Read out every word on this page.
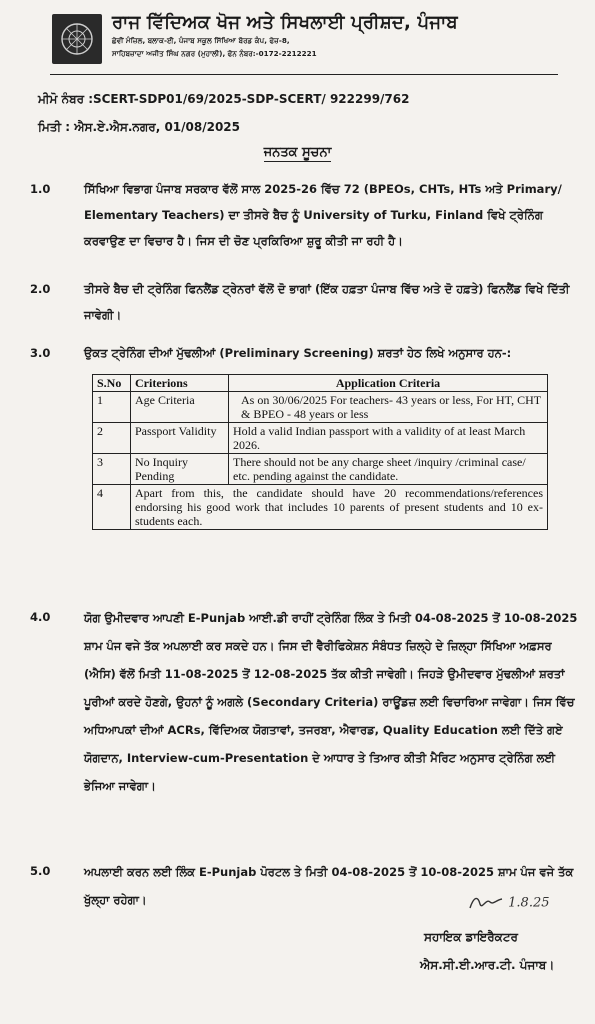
ਰਾਜ ਵਿੱਦਿਅਕ ਖੋਜ ਅਤੇ ਸਿਖਲਾਈ ਪ੍ਰੀਸ਼ਦ, ਪੰਜਾਬ
ਛੇਵੀਂ ਮੰਜ਼ਿਲ, ਬਲਾਕ-ਈ, ਪੰਜਾਬ ਸਕੂਲ ਸਿੱਖਿਆ ਬੋਰਡ ਕੰਪ, ਫੇਜ਼-8,
ਸਾਹਿਬਜ਼ਾਦਾ ਅਜੀਤ ਸਿੰਘ ਨਗਰ (ਮੁਹਾਲੀ), ਫੋਨ ਨੰਬਰ:-0172-2212221
ਮੀਮੋ ਨੰਬਰ :SCERT-SDP01/69/2025-SDP-SCERT/ 922299/762
ਮਿਤੀ : ਐਸ.ਏ.ਐਸ.ਨਗਰ, 01/08/2025
ਜਨਤਕ ਸੂਚਨਾ
1.0	ਸਿੱਖਿਆ ਵਿਭਾਗ ਪੰਜਾਬ ਸਰਕਾਰ ਵੱਲੋਂ ਸਾਲ 2025-26 ਵਿੱਚ 72 (BPEOs, CHTs, HTs ਅਤੇ Primary/ Elementary Teachers) ਦਾ ਤੀਸਰੇ ਬੈਚ ਨੂੰ University of Turku, Finland ਵਿਖੇ ਟ੍ਰੇਨਿੰਗ ਕਰਵਾਉਣ ਦਾ ਵਿਚਾਰ ਹੈ। ਜਿਸ ਦੀ ਚੋਣ ਪ੍ਰਕਿਰਿਆ ਸ਼ੁਰੂ ਕੀਤੀ ਜਾ ਰਹੀ ਹੈ।
2.0	ਤੀਸਰੇ ਬੈਚ ਦੀ ਟ੍ਰੇਨਿੰਗ ਫਿਨਲੈਂਡ ਟ੍ਰੇਨਰਾਂ ਵੱਲੋਂ ਦੋ ਭਾਗਾਂ (ਇੱਕ ਹਫ਼ਤਾ ਪੰਜਾਬ ਵਿੱਚ ਅਤੇ ਦੋ ਹਫ਼ਤੇ) ਫਿਨਲੈਂਡ ਵਿਖੇ ਦਿੱਤੀ ਜਾਵੇਗੀ।
3.0	ਉਕਤ ਟ੍ਰੇਨਿੰਗ ਦੀਆਂ ਮੁੱਢਲੀਆਂ (Preliminary Screening) ਸ਼ਰਤਾਂ ਹੇਠ ਲਿਖੇ ਅਨੁਸਾਰ ਹਨ-:
S.No	Criterions	Application Criteria
1	Age Criteria	As on 30/06/2025 For teachers- 43 years or less, For HT, CHT & BPEO - 48 years or less
2	Passport Validity	Hold a valid Indian passport with a validity of at least March 2026.
3	No Inquiry Pending	There should not be any charge sheet /inquiry /criminal case/ etc. pending against the candidate.
4	Apart from this, the candidate should have 20 recommendations/references endorsing his good work that includes 10 parents of present students and 10 ex-students each.	
4.0	ਯੋਗ ਉਮੀਦਵਾਰ ਆਪਣੀ E-Punjab ਆਈ.ਡੀ ਰਾਹੀਂ ਟ੍ਰੇਨਿੰਗ ਲਿੰਕ ਤੇ ਮਿਤੀ 04-08-2025 ਤੋਂ 10-08-2025 ਸ਼ਾਮ ਪੰਜ ਵਜੇ ਤੱਕ ਅਪਲਾਈ ਕਰ ਸਕਦੇ ਹਨ। ਜਿਸ ਦੀ ਵੈਰੀਫਿਕੇਸ਼ਨ ਸੰਬੰਧਤ ਜ਼ਿਲ੍ਹੇ ਦੇ ਜ਼ਿਲ੍ਹਾ ਸਿੱਖਿਆ ਅਫ਼ਸਰ (ਐਸਿ) ਵੱਲੋਂ ਮਿਤੀ 11-08-2025 ਤੋਂ 12-08-2025 ਤੱਕ ਕੀਤੀ ਜਾਵੇਗੀ। ਜਿਹੜੇ ਉਮੀਦਵਾਰ ਮੁੱਢਲੀਆਂ ਸ਼ਰਤਾਂ ਪੂਰੀਆਂ ਕਰਦੇ ਹੋਣਗੇ, ਉਹਨਾਂ ਨੂੰ ਅਗਲੇ (Secondary Criteria) ਰਾਊਂਡਜ਼ ਲਈ ਵਿਚਾਰਿਆ ਜਾਵੇਗਾ। ਜਿਸ ਵਿੱਚ ਅਧਿਆਪਕਾਂ ਦੀਆਂ ACRs, ਵਿੱਦਿਅਕ ਯੋਗਤਾਵਾਂ, ਤਜਰਬਾ, ਐਵਾਰਡ, Quality Education ਲਈ ਦਿੱਤੇ ਗਏ ਯੋਗਦਾਨ, Interview-cum-Presentation ਦੇ ਆਧਾਰ ਤੇ ਤਿਆਰ ਕੀਤੀ ਮੈਰਿਟ ਅਨੁਸਾਰ ਟ੍ਰੇਨਿੰਗ ਲਈ ਭੇਜਿਆ ਜਾਵੇਗਾ।
5.0	ਅਪਲਾਈ ਕਰਨ ਲਈ ਲਿੰਕ E-Punjab ਪੋਰਟਲ ਤੇ ਮਿਤੀ 04-08-2025 ਤੋਂ 10-08-2025 ਸ਼ਾਮ ਪੰਜ ਵਜੇ ਤੱਕ ਖੁੱਲ੍ਹਾ ਰਹੇਗਾ।	1.8.25
ਸਹਾਇਕ ਡਾਇਰੈਕਟਰ
ਐਸ.ਸੀ.ਈ.ਆਰ.ਟੀ. ਪੰਜਾਬ।
